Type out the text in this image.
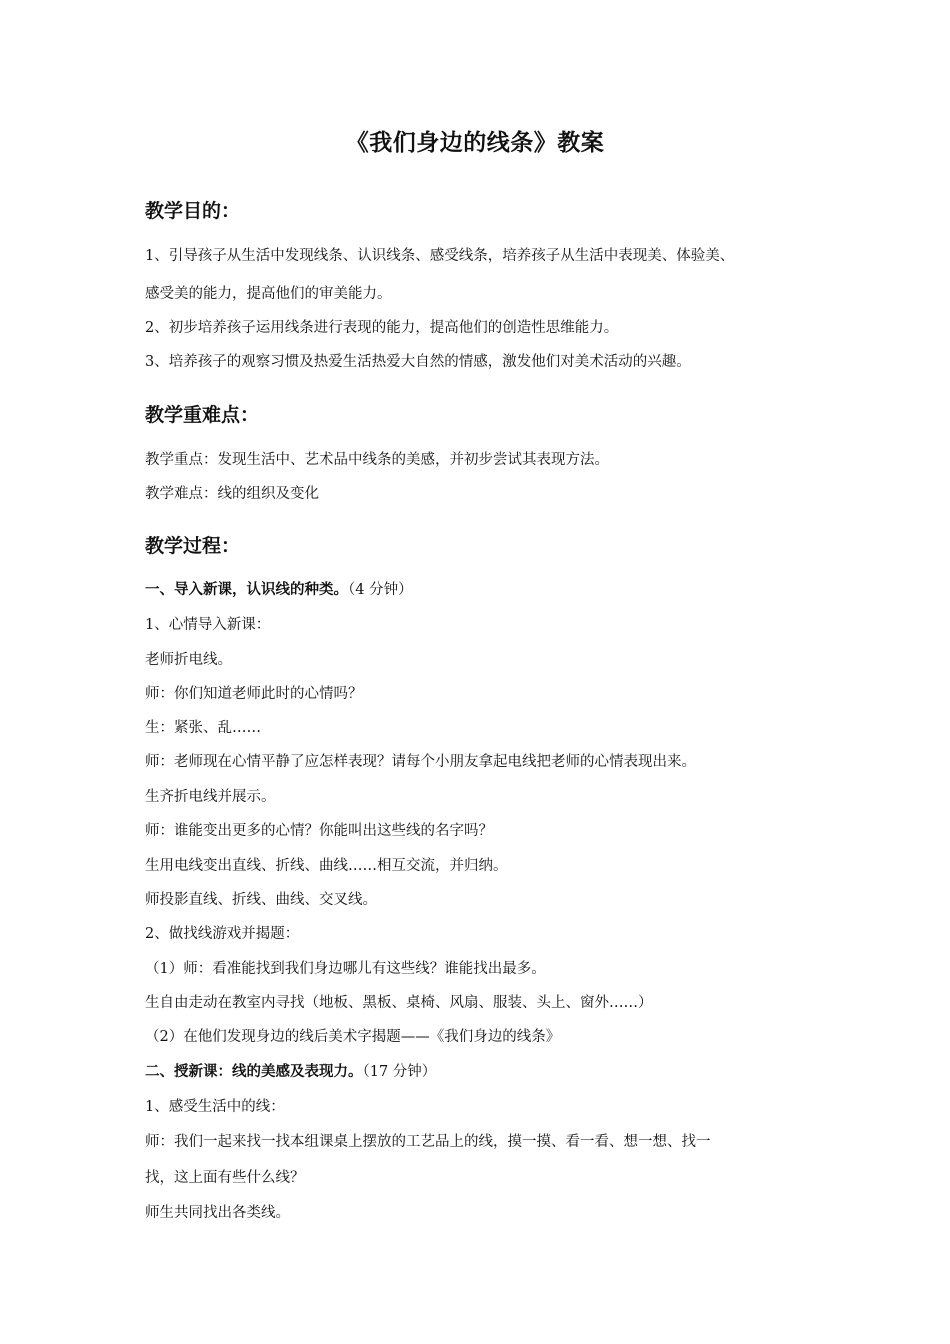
《我们身边的线条》教案
教学目的：
1、引导孩子从生活中发现线条、认识线条、感受线条，培养孩子从生活中表现美、体验美、
感受美的能力，提高他们的审美能力。
2、初步培养孩子运用线条进行表现的能力，提高他们的创造性思维能力。
3、培养孩子的观察习惯及热爱生活热爱大自然的情感，激发他们对美术活动的兴趣。
教学重难点：
教学重点：发现生活中、艺术品中线条的美感，并初步尝试其表现方法。
教学难点：线的组织及变化
教学过程：
一、导入新课，认识线的种类。（4 分钟）
1、心情导入新课：
老师折电线。
师：你们知道老师此时的心情吗？
生：紧张、乱……
师：老师现在心情平静了应怎样表现？请每个小朋友拿起电线把老师的心情表现出来。
生齐折电线并展示。
师：谁能变出更多的心情？你能叫出这些线的名字吗？
生用电线变出直线、折线、曲线……相互交流，并归纳。
师投影直线、折线、曲线、交叉线。
2、做找线游戏并揭题：
（1）师：看准能找到我们身边哪儿有这些线？谁能找出最多。
生自由走动在教室内寻找（地板、黑板、桌椅、风扇、服装、头上、窗外……）
（2）在他们发现身边的线后美术字揭题——《我们身边的线条》
二、授新课：线的美感及表现力。（17 分钟）
1、感受生活中的线：
师：我们一起来找一找本组课桌上摆放的工艺品上的线，摸一摸、看一看、想一想、找一
找，这上面有些什么线？
师生共同找出各类线。
